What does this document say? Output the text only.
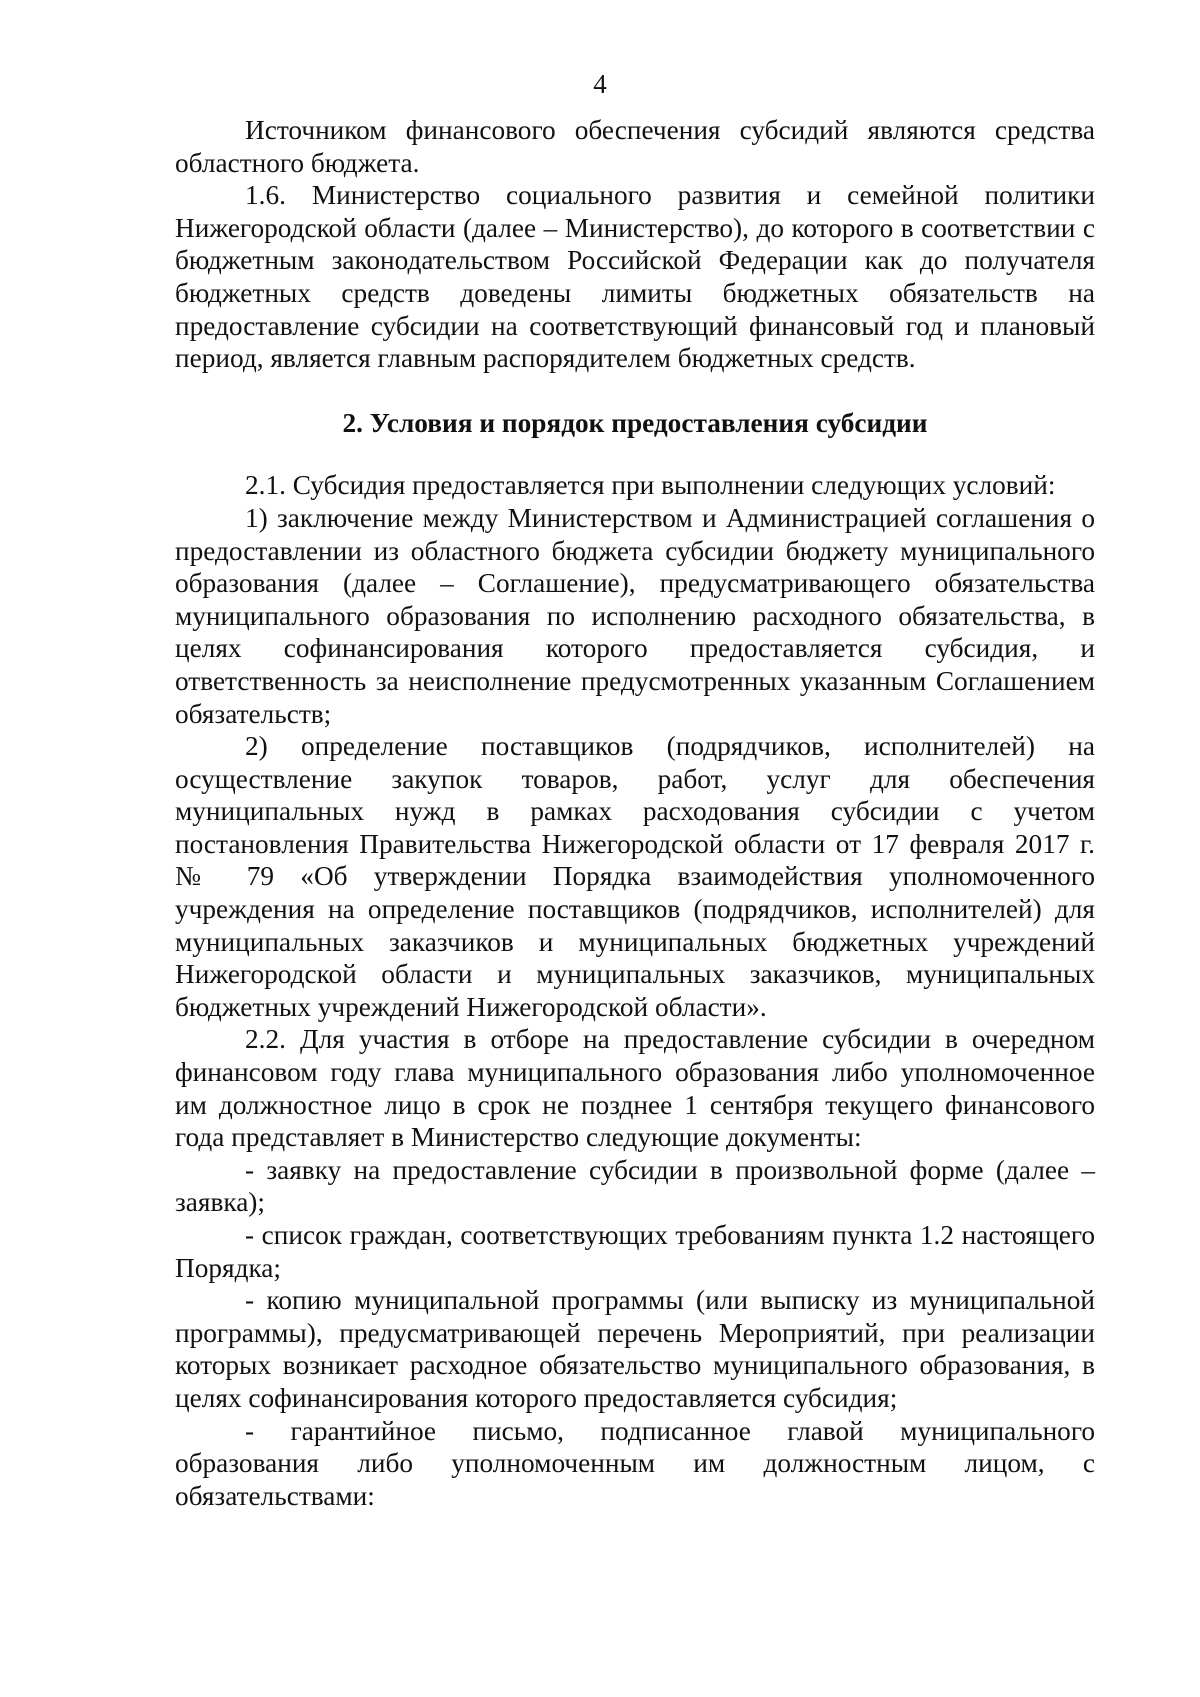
4

Источником финансового обеспечения субсидий являются средства областного бюджета.

1.6. Министерство социального развития и семейной политики Нижегородской области (далее – Министерство), до которого в соответствии с бюджетным законодательством Российской Федерации как до получателя бюджетных средств доведены лимиты бюджетных обязательств на предоставление субсидии на соответствующий финансовый год и плановый период, является главным распорядителем бюджетных средств.

2. Условия и порядок предоставления субсидии

2.1. Субсидия предоставляется при выполнении следующих условий:

1) заключение между Министерством и Администрацией соглашения о предоставлении из областного бюджета субсидии бюджету муниципального образования (далее – Соглашение), предусматривающего обязательства муниципального образования по исполнению расходного обязательства, в целях софинансирования которого предоставляется субсидия, и ответственность за неисполнение предусмотренных указанным Соглашением обязательств;

2) определение поставщиков (подрядчиков, исполнителей) на осуществление закупок товаров, работ, услуг для обеспечения муниципальных нужд в рамках расходования субсидии с учетом постановления Правительства Нижегородской области от 17 февраля 2017 г. № 79 «Об утверждении Порядка взаимодействия уполномоченного учреждения на определение поставщиков (подрядчиков, исполнителей) для муниципальных заказчиков и муниципальных бюджетных учреждений Нижегородской области и муниципальных заказчиков, муниципальных бюджетных учреждений Нижегородской области».

2.2. Для участия в отборе на предоставление субсидии в очередном финансовом году глава муниципального образования либо уполномоченное им должностное лицо в срок не позднее 1 сентября текущего финансового года представляет в Министерство следующие документы:

- заявку на предоставление субсидии в произвольной форме (далее – заявка);

- список граждан, соответствующих требованиям пункта 1.2 настоящего Порядка;

- копию муниципальной программы (или выписку из муниципальной программы), предусматривающей перечень Мероприятий, при реализации которых возникает расходное обязательство муниципального образования, в целях софинансирования которого предоставляется субсидия;

- гарантийное письмо, подписанное главой муниципального образования либо уполномоченным им должностным лицом, с обязательствами:
